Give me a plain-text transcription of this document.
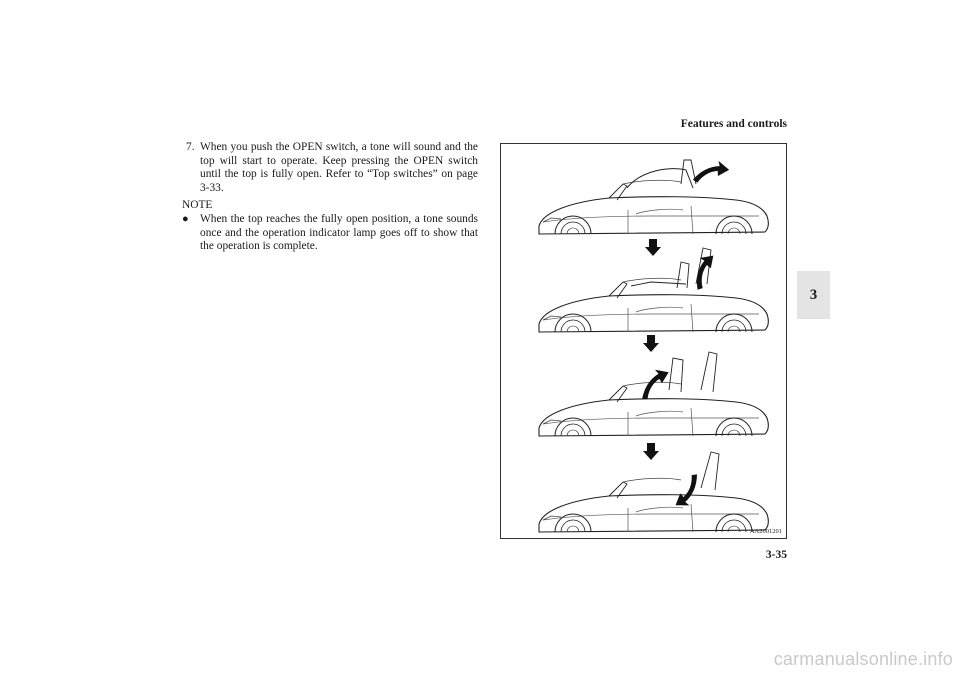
Features and controls
3
7. When you push the OPEN switch, a tone will sound and the top will start to operate. Keep pressing the OPEN switch until the top is fully open. Refer to “Top switches” on page 3-33.
NOTE
● When the top reaches the fully open position, a tone sounds once and the operation indicator lamp goes off to show that the operation is complete.
AA2001201
3-35
carmanualsonline.info
